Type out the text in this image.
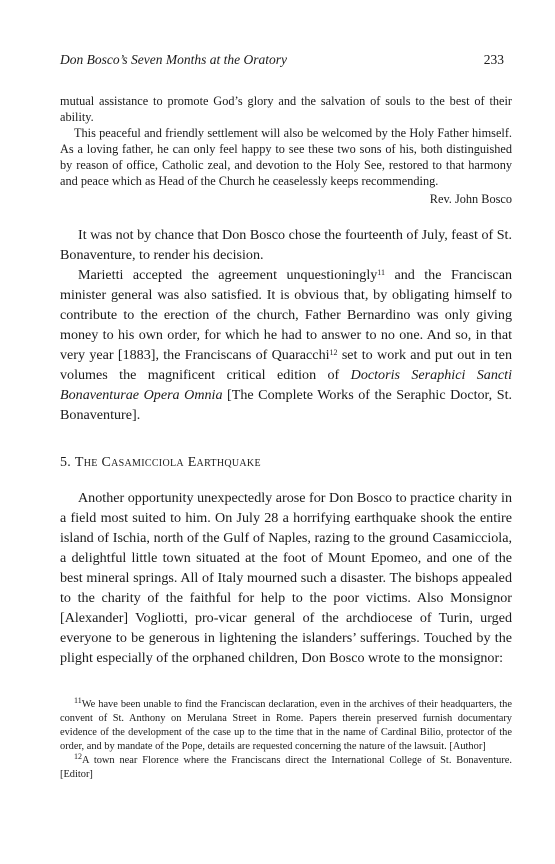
Don Bosco’s Seven Months at the Oratory	233

mutual assistance to promote God’s glory and the salvation of souls to the best of their ability.

This peaceful and friendly settlement will also be welcomed by the Holy Father himself. As a loving father, he can only feel happy to see these two sons of his, both distinguished by reason of office, Catholic zeal, and devotion to the Holy See, restored to that harmony and peace which as Head of the Church he ceaselessly keeps recommending.

Rev. John Bosco

It was not by chance that Don Bosco chose the fourteenth of July, feast of St. Bonaventure, to render his decision.

Marietti accepted the agreement unquestioningly$^{11}$ and the Franciscan minister general was also satisfied. It is obvious that, by obligating himself to contribute to the erection of the church, Father Bernardino was only giving money to his own order, for which he had to answer to no one. And so, in that very year [1883], the Franciscans of Quaracchi$^{12}$ set to work and put out in ten volumes the magnificent critical edition of Doctoris Seraphici Sancti Bonaventurae Opera Omnia [The Complete Works of the Seraphic Doctor, St. Bonaventure].

5. The Casamicciola Earthquake

Another opportunity unexpectedly arose for Don Bosco to practice charity in a field most suited to him. On July 28 a horrifying earthquake shook the entire island of Ischia, north of the Gulf of Naples, razing to the ground Casamicciola, a delightful little town situated at the foot of Mount Epomeo, and one of the best mineral springs. All of Italy mourned such a disaster. The bishops appealed to the charity of the faithful for help to the poor victims. Also Monsignor [Alexander] Vogliotti, pro-vicar general of the archdiocese of Turin, urged everyone to be generous in lightening the islanders’ sufferings. Touched by the plight especially of the orphaned children, Don Bosco wrote to the monsignor:

$^{11}$We have been unable to find the Franciscan declaration, even in the archives of their headquarters, the convent of St. Anthony on Merulana Street in Rome. Papers therein preserved furnish documentary evidence of the development of the case up to the time that in the name of Cardinal Bilio, protector of the order, and by mandate of the Pope, details are requested concerning the nature of the lawsuit. [Author]

$^{12}$A town near Florence where the Franciscans direct the International College of St. Bonaventure. [Editor]
